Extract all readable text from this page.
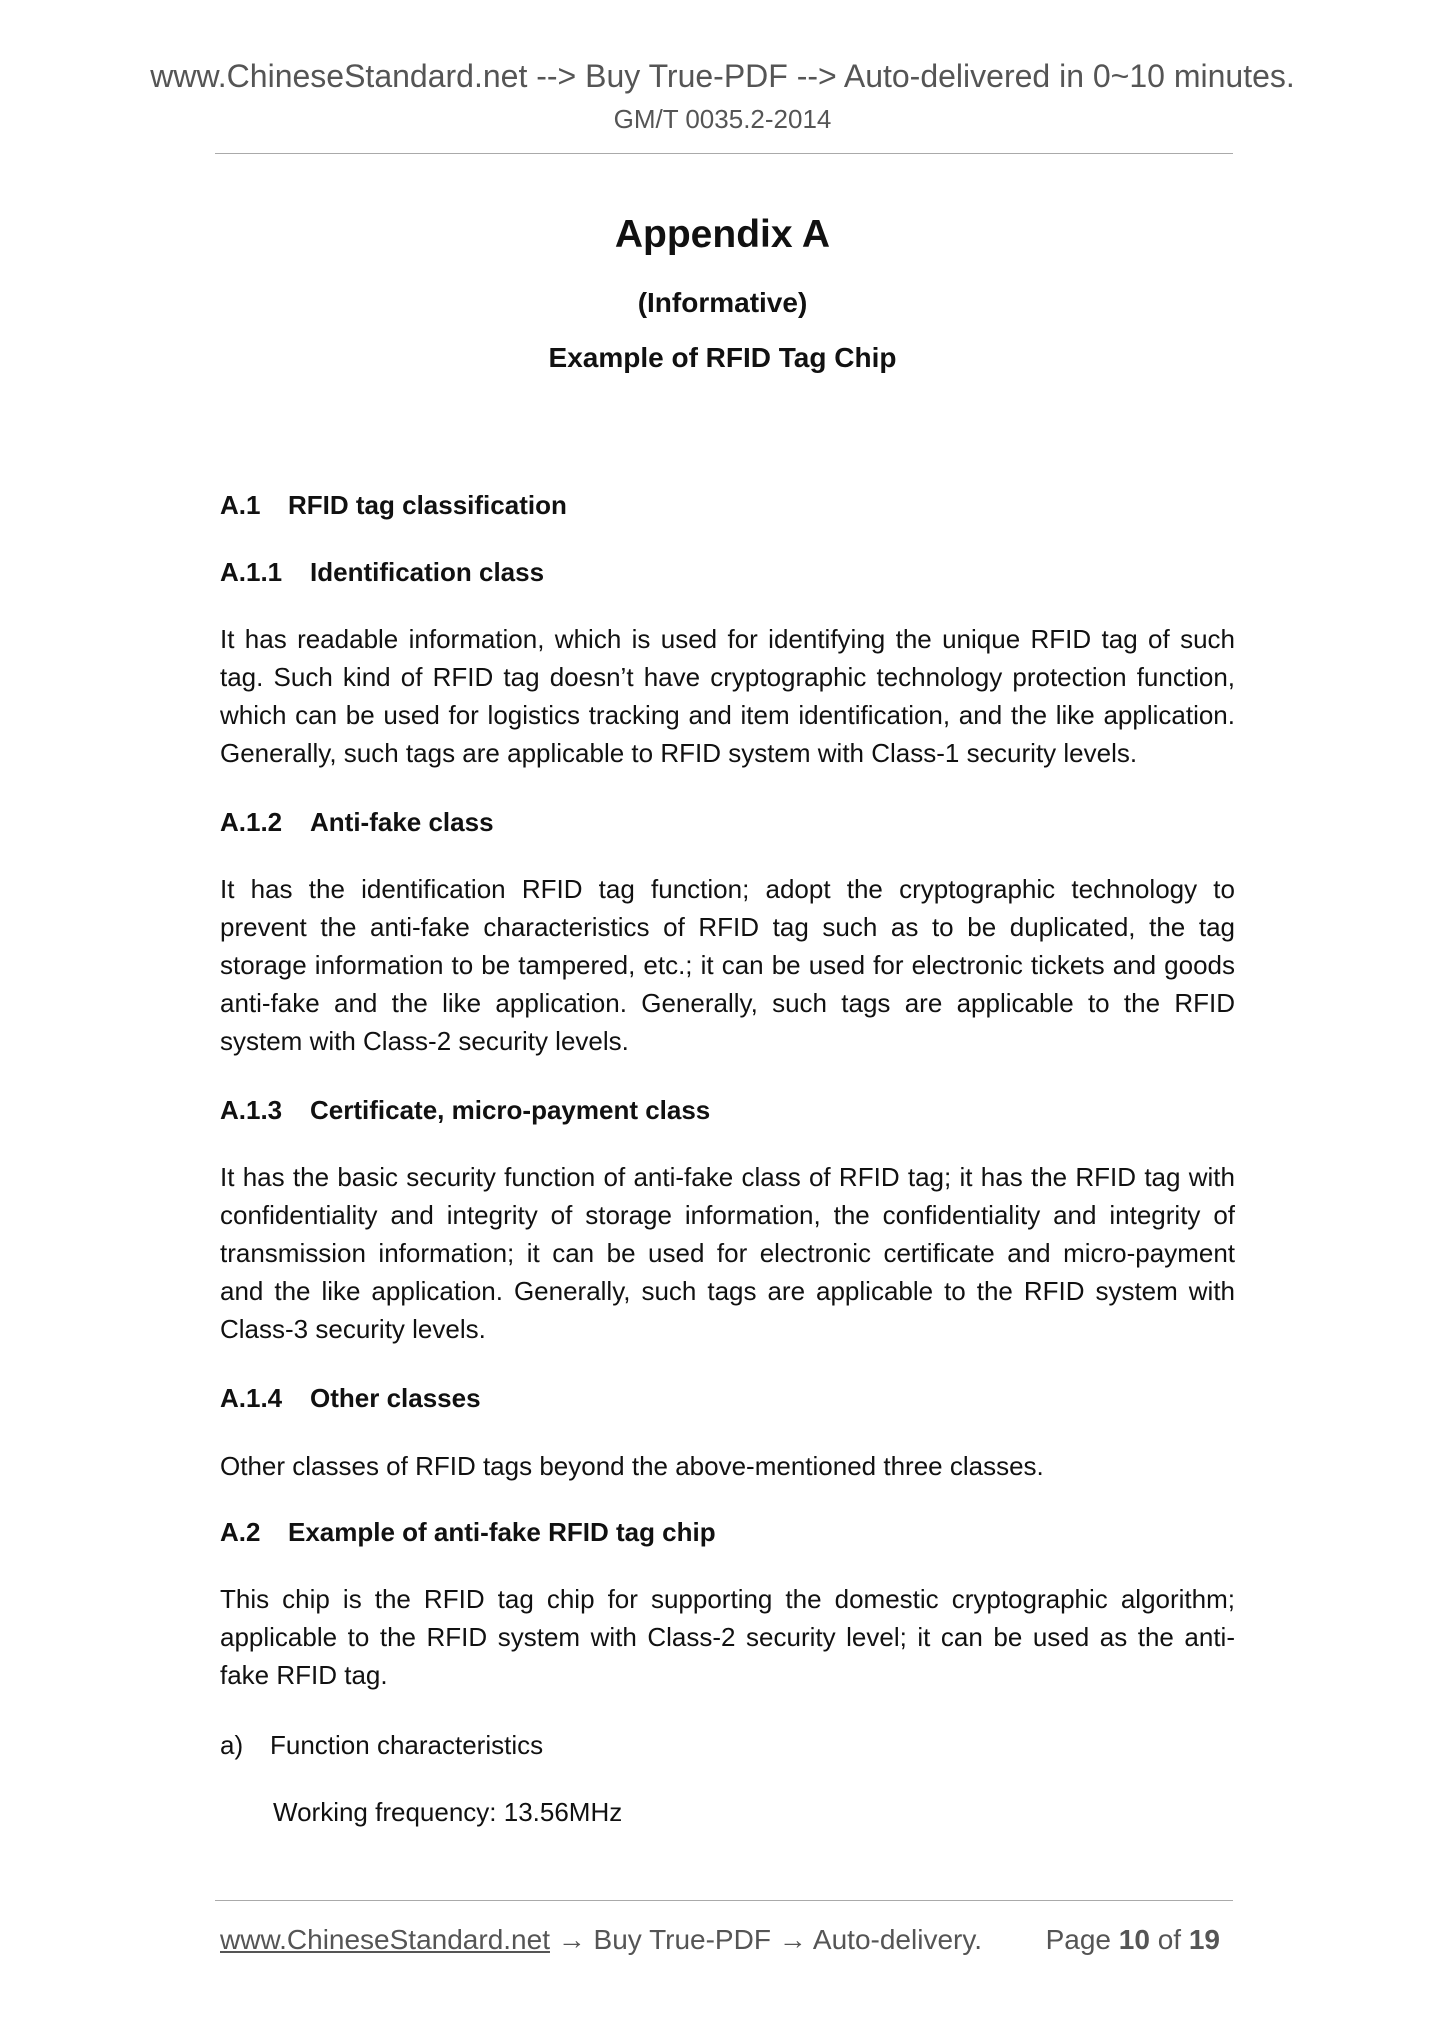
www.ChineseStandard.net --> Buy True-PDF --> Auto-delivered in 0~10 minutes.
GM/T 0035.2-2014
Appendix A
(Informative)
Example of RFID Tag Chip
A.1 RFID tag classification
A.1.1 Identification class
It has readable information, which is used for identifying the unique RFID tag of such
tag. Such kind of RFID tag doesn’t have cryptographic technology protection function,
which can be used for logistics tracking and item identification, and the like application.
Generally, such tags are applicable to RFID system with Class-1 security levels.
A.1.2 Anti-fake class
It has the identification RFID tag function; adopt the cryptographic technology to
prevent the anti-fake characteristics of RFID tag such as to be duplicated, the tag
storage information to be tampered, etc.; it can be used for electronic tickets and goods
anti-fake and the like application. Generally, such tags are applicable to the RFID
system with Class-2 security levels.
A.1.3 Certificate, micro-payment class
It has the basic security function of anti-fake class of RFID tag; it has the RFID tag with
confidentiality and integrity of storage information, the confidentiality and integrity of
transmission information; it can be used for electronic certificate and micro-payment
and the like application. Generally, such tags are applicable to the RFID system with
Class-3 security levels.
A.1.4 Other classes
Other classes of RFID tags beyond the above-mentioned three classes.
A.2 Example of anti-fake RFID tag chip
This chip is the RFID tag chip for supporting the domestic cryptographic algorithm;
applicable to the RFID system with Class-2 security level; it can be used as the anti-
fake RFID tag.
a) Function characteristics
Working frequency: 13.56MHz
www.ChineseStandard.net → Buy True-PDF → Auto-delivery. Page 10 of 19
